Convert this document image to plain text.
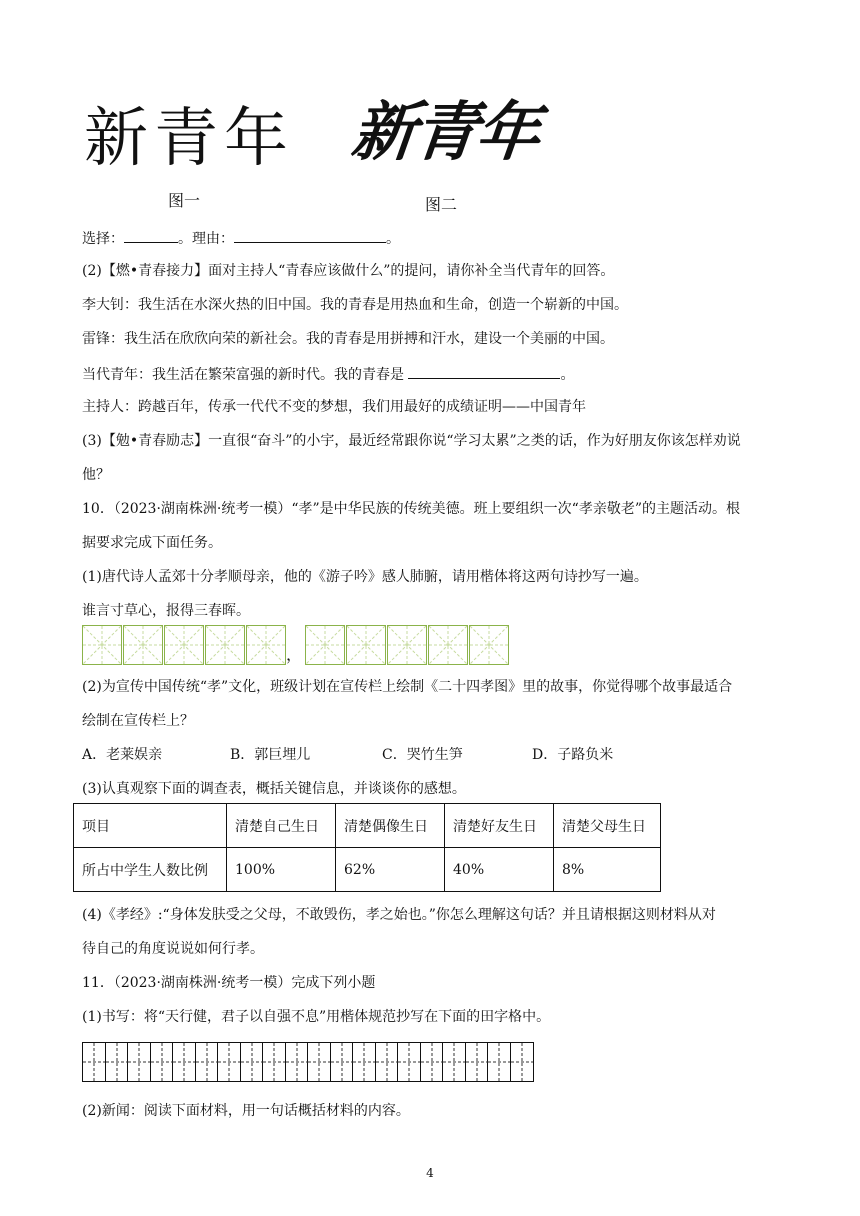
新青年 新青年
图一	图二
选择：	。理由：	。
(2)【燃•青春接力】面对主持人“青春应该做什么”的提问，请你补全当代青年的回答。
李大钊：我生活在水深火热的旧中国。我的青春是用热血和生命，创造一个崭新的中国。
雷锋：我生活在欣欣向荣的新社会。我的青春是用拼搏和汗水，建设一个美丽的中国。
当代青年：我生活在繁荣富强的新时代。我的青春是	。
主持人：跨越百年，传承一代代不变的梦想，我们用最好的成绩证明——中国青年
(3)【勉•青春励志】一直很“奋斗”的小宇，最近经常跟你说“学习太累”之类的话，作为好朋友你该怎样劝说
他？
10．（2023·湖南株洲·统考一模）“孝”是中华民族的传统美德。班上要组织一次“孝亲敬老”的主题活动。根
据要求完成下面任务。
(1)唐代诗人孟郊十分孝顺母亲，他的《游子吟》感人肺腑，请用楷体将这两句诗抄写一遍。
谁言寸草心，报得三春晖。
，
(2)为宣传中国传统“孝”文化，班级计划在宣传栏上绘制《二十四孝图》里的故事，你觉得哪个故事最适合
绘制在宣传栏上？
A．老莱娱亲	B．郭巨埋儿	C．哭竹生笋	D．子路负米
(3)认真观察下面的调查表，概括关键信息，并谈谈你的感想。
项目	清楚自己生日	清楚偶像生日	清楚好友生日	清楚父母生日
所占中学生人数比例	100%	62%	40%	8%
(4)《孝经》:“身体发肤受之父母，不敢毁伤，孝之始也。”你怎么理解这句话？并且请根据这则材料从对
待自己的角度说说如何行孝。
11．（2023·湖南株洲·统考一模）完成下列小题
(1)书写：将“天行健，君子以自强不息”用楷体规范抄写在下面的田字格中。
(2)新闻：阅读下面材料，用一句话概括材料的内容。
4
